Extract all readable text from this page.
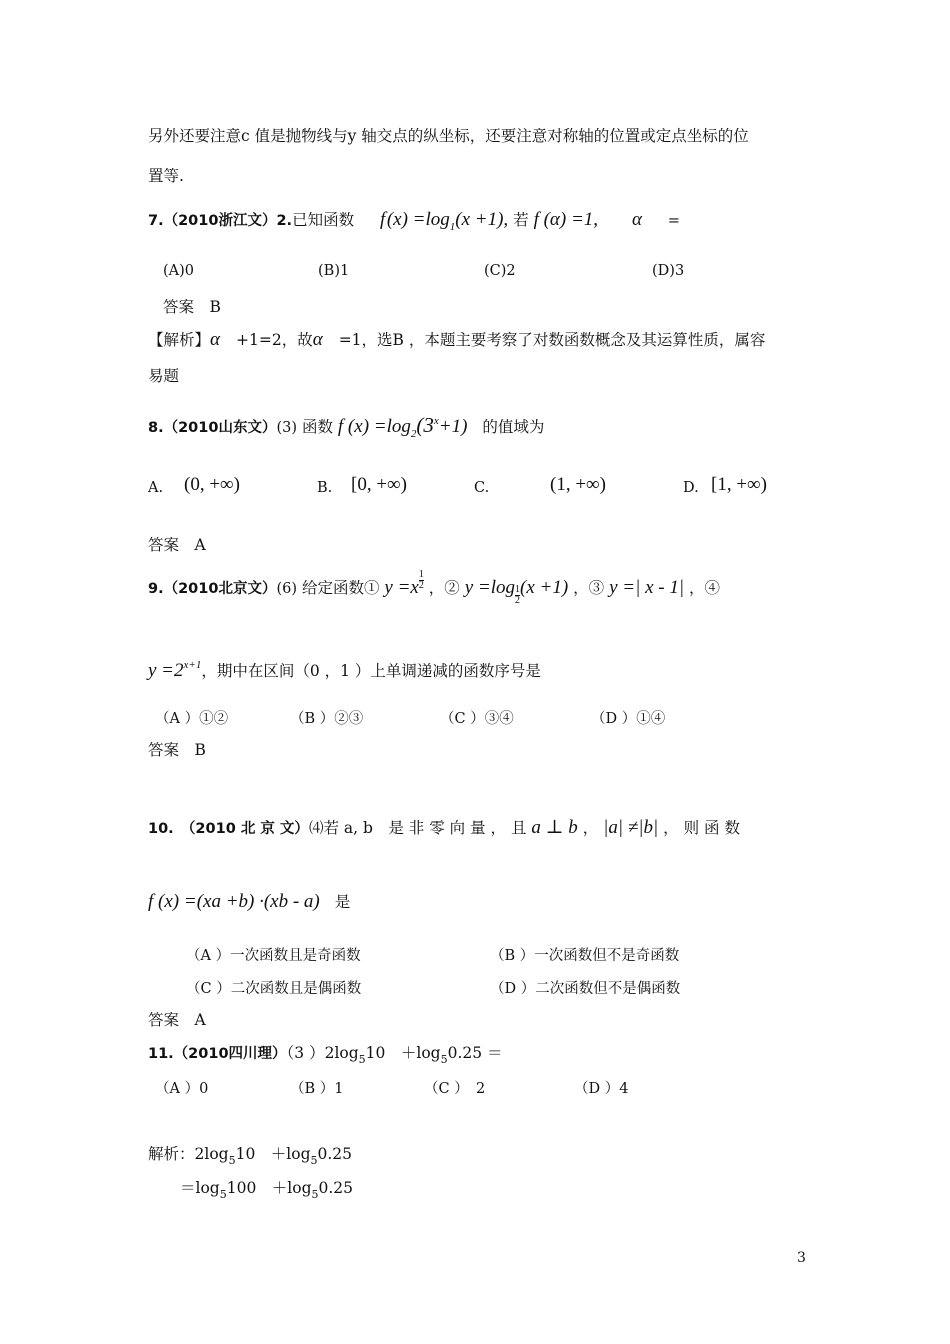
另外还要注意c 值是抛物线与y 轴交点的纵坐标，还要注意对称轴的位置或定点坐标的位
置等.
7.（2010浙江文）2.已知函数 f $(x) =\log_1(x +1)$, 若 f (α) =1, α =
(A)0	(B)1	(C)2	(D)3
答案　B
【解析】α +1=2，故α =1，选B ，本题主要考察了对数函数概念及其运算性质，属容
易题
8.（2010山东文）(3) 函数 f $(x) =\log_2(3^x+1)$ 的值域为
A. (0, +∞)	B. [0, +∞)	C.	(1, +∞)	D. [1, +∞)
答案　A
9.（2010北京文）(6) 给定函数① $y =x \frac{1}{2}$ ，② $y =\log \frac{1}{2} (x +1)$ ，③ y =| x - 1| ，④
$y =2^{x+1}$，期中在区间（0 ，1 ）上单调递减的函数序号是
（A ）①②	（B ）②③	（C ）③④	（D ）①④
答案　B
10.　（2010 北 京 文）⑷若 a, b　是 非 零 向 量 ， 且 a ⊥ b ， |a| ≠|b| ， 则 函 数
f (x) =(xa +b) ·(xb - a) 是
（A ）一次函数且是奇函数	（B ）一次函数但不是奇函数
（C ）二次函数且是偶函数	（D ）二次函数但不是偶函数
答案　A
11.（2010四川理）（3 ）$2\log_510$　$+\log_50.25$ ＝
（A ）0	（B ）1	（C ）　2	（D ）4
解析：$2\log_510$　$+\log_50.25$
$=\log_5100$　$+\log_50.25$
3
